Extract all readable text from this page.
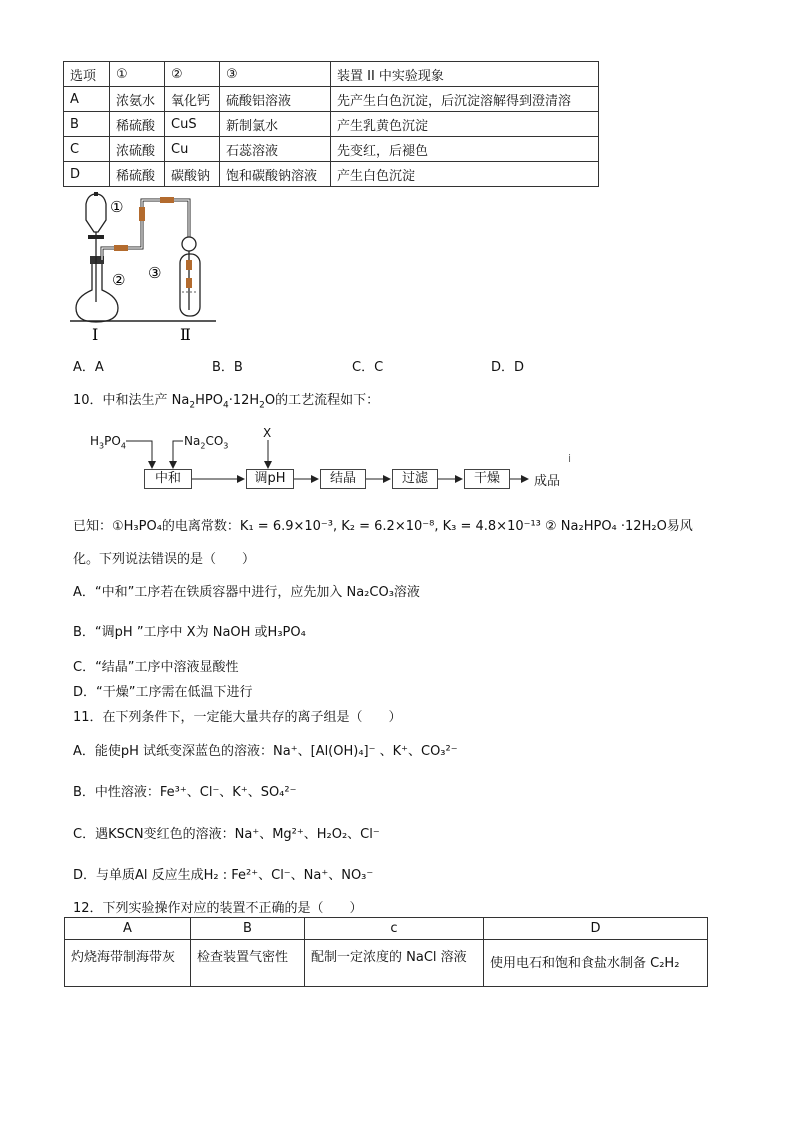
选项	①	②	③	装置 II 中实验现象
A	浓氨水	氧化钙	硫酸铝溶液	先产生白色沉淀，后沉淀溶解得到澄清溶
B	稀硫酸	CuS	新制氯水	产生乳黄色沉淀
C	浓硫酸	Cu	石蕊溶液	先变红，后褪色
D	稀硫酸	碳酸钠	饱和碳酸钠溶液	产生白色沉淀
①
② ③
I	Ⅱ
A．A	B．B	C．C	D．D
10．中和法生产 $Na_2HPO_4\cdot 12H_2O$的工艺流程如下：
$H_3PO_4$	$Na_2CO_3$
X
中和	调pH	结晶	过滤	干燥	成品
i
已知：①H₃PO₄的电离常数：K₁ = 6.9×10⁻³, K₂ = 6.2×10⁻⁸, K₃ = 4.8×10⁻¹³ ② Na₂HPO₄ ·12H₂O易风
化。下列说法错误的是（　　）
A．“中和”工序若在铁质容器中进行，应先加入 Na₂CO₃溶液
B．“调pH ”工序中 X为 NaOH 或H₃PO₄
C．“结晶”工序中溶液显酸性
D．“干燥”工序需在低温下进行
11．在下列条件下，一定能大量共存的离子组是（　　）
A．能使pH 试纸变深蓝色的溶液：Na⁺、[Al(OH)₄]⁻ 、K⁺、CO₃²⁻
B．中性溶液：Fe³⁺、Cl⁻、K⁺、SO₄²⁻
C．遇KSCN变红色的溶液：Na⁺、Mg²⁺、H₂O₂、Cl⁻
D．与单质Al 反应生成H₂ : Fe²⁺、Cl⁻、Na⁺、NO₃⁻
12．下列实验操作对应的装置不正确的是（　　）
A	B	c	D
灼烧海带制海带灰	检查装置气密性	配制一定浓度的 NaCl 溶液	使用电石和饱和食盐水制备 C₂H₂
